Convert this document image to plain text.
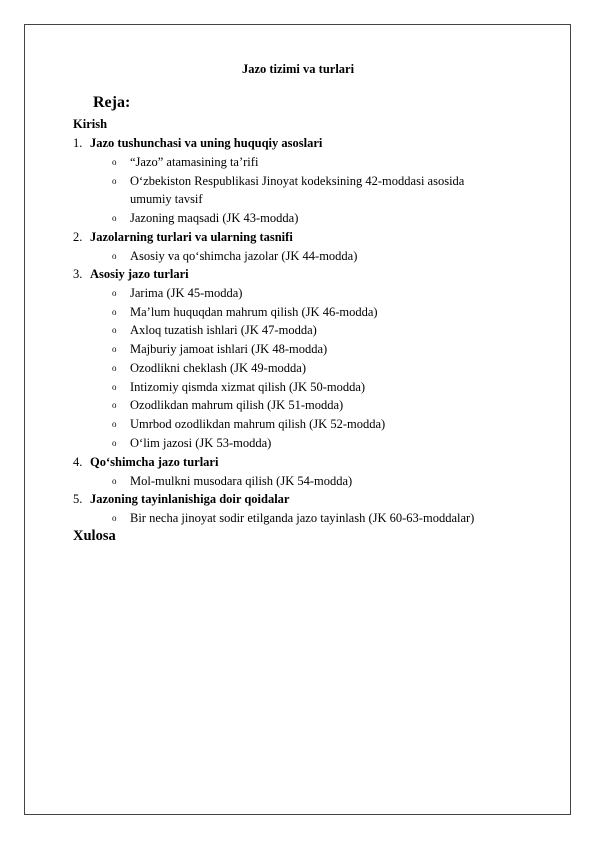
Jazo tizimi va turlari
Reja:
Kirish
1. Jazo tushunchasi va uning huquqiy asoslari
o “Jazo” atamasining ta’rifi
o O‘zbekiston Respublikasi Jinoyat kodeksining 42-moddasi asosida
umumiy tavsif
o Jazoning maqsadi (JK 43-modda)
2. Jazolarning turlari va ularning tasnifi
o Asosiy va qo‘shimcha jazolar (JK 44-modda)
3. Asosiy jazo turlari
o Jarima (JK 45-modda)
o Ma’lum huquqdan mahrum qilish (JK 46-modda)
o Axloq tuzatish ishlari (JK 47-modda)
o Majburiy jamoat ishlari (JK 48-modda)
o Ozodlikni cheklash (JK 49-modda)
o Intizomiy qismda xizmat qilish (JK 50-modda)
o Ozodlikdan mahrum qilish (JK 51-modda)
o Umrbod ozodlikdan mahrum qilish (JK 52-modda)
o O‘lim jazosi (JK 53-modda)
4. Qo‘shimcha jazo turlari
o Mol-mulkni musodara qilish (JK 54-modda)
5. Jazoning tayinlanishiga doir qoidalar
o Bir necha jinoyat sodir etilganda jazo tayinlash (JK 60-63-moddalar)
Xulosa
